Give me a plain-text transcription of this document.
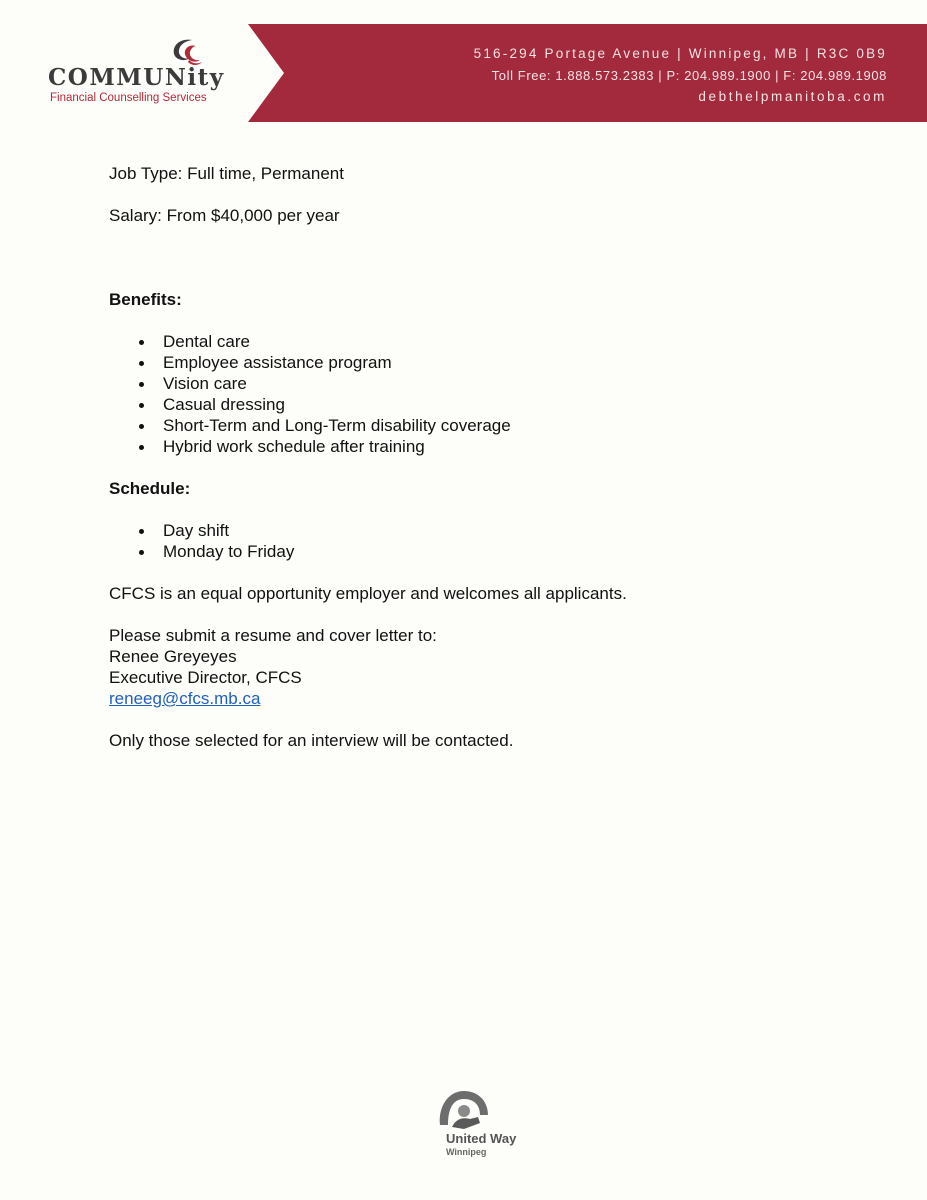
COMMUNity
Financial Counselling Services
516-294 Portage Avenue | Winnipeg, MB | R3C 0B9
Toll Free: 1.888.573.2383 | P: 204.989.1900 | F: 204.989.1908
debthelpmanitoba.com

Job Type: Full time, Permanent

Salary: From $40,000 per year

Benefits:

Dental care
Employee assistance program
Vision care
Casual dressing
Short-Term and Long-Term disability coverage
Hybrid work schedule after training

Schedule:

Day shift
Monday to Friday

CFCS is an equal opportunity employer and welcomes all applicants.

Please submit a resume and cover letter to:

Renee Greyeyes

Executive Director, CFCS

reneeg@cfcs.mb.ca

Only those selected for an interview will be contacted.

United Way
Winnipeg
